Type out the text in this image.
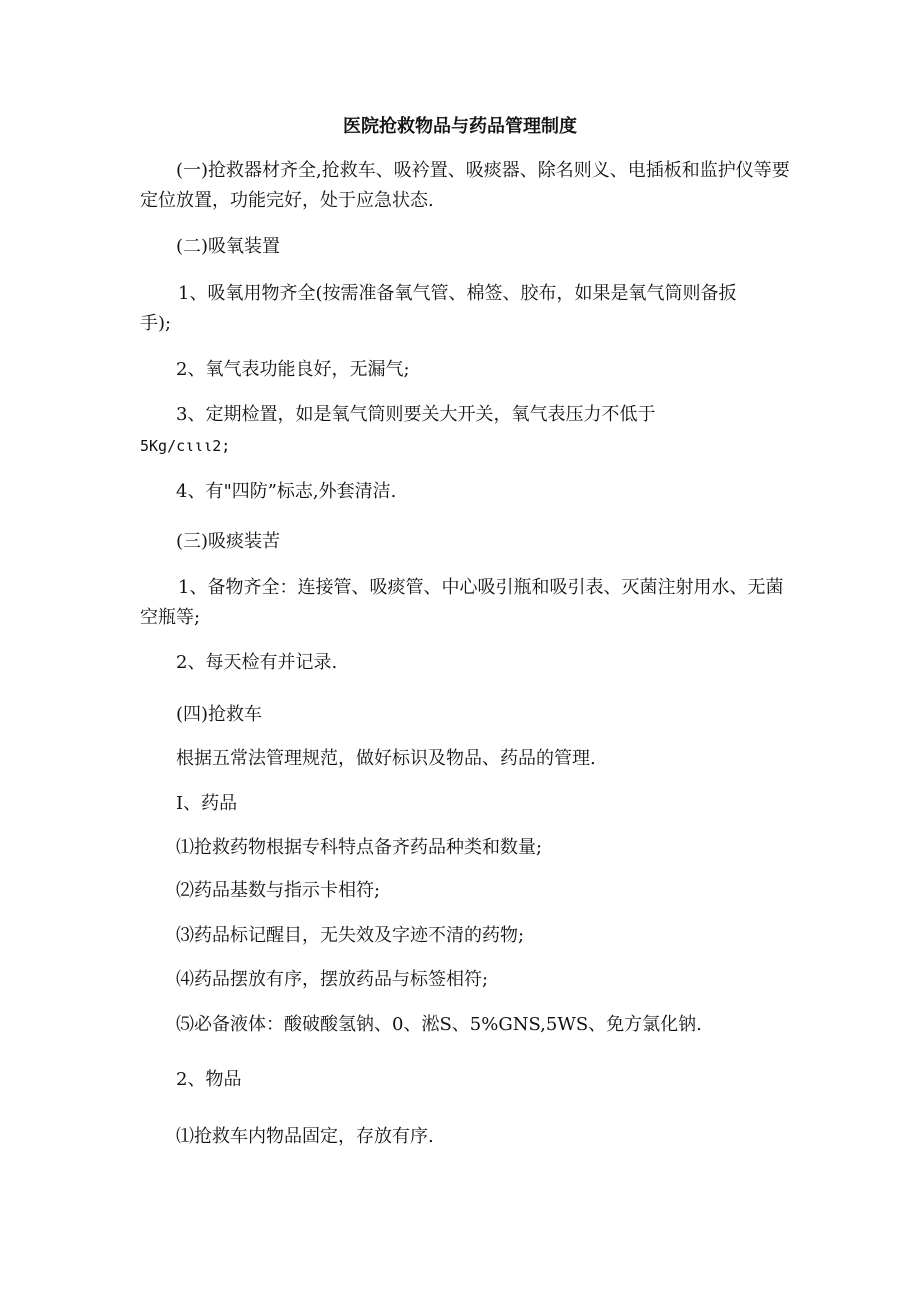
医院抢救物品与药品管理制度

(一)抢救器材齐全,抢救车、吸衿置、吸痰器、除名则义、电插板和监护仪等要定位放置，功能完好，处于应急状态.

(二)吸氧装置

1、吸氧用物齐全(按需准备氧气管、棉签、胶布，如果是氧气筒则备扳手);

2、氧气表功能良好，无漏气;

3、定期检置，如是氧气筒则要关大开关，氧气表压力不低于

5Kg/cιιι2;

4、有"四防”标志,外套清洁.

(三)吸痰装苦

1、备物齐全：连接管、吸痰管、中心吸引瓶和吸引表、灭菌注射用水、无菌空瓶等;

2、每天检有并记录.

(四)抢救车

根据五常法管理规范，做好标识及物品、药品的管理.

I、药品

⑴抢救药物根据专科特点备齐药品种类和数量;

⑵药品基数与指示卡相符;

⑶药品标记醒目，无失效及字迹不清的药物;

⑷药品摆放有序，摆放药品与标签相符;

⑸必备液体：酸破酸氢钠、0、淞S、5%GNS,5WS、免方氯化钠.

2、物品

⑴抢救车内物品固定，存放有序.
